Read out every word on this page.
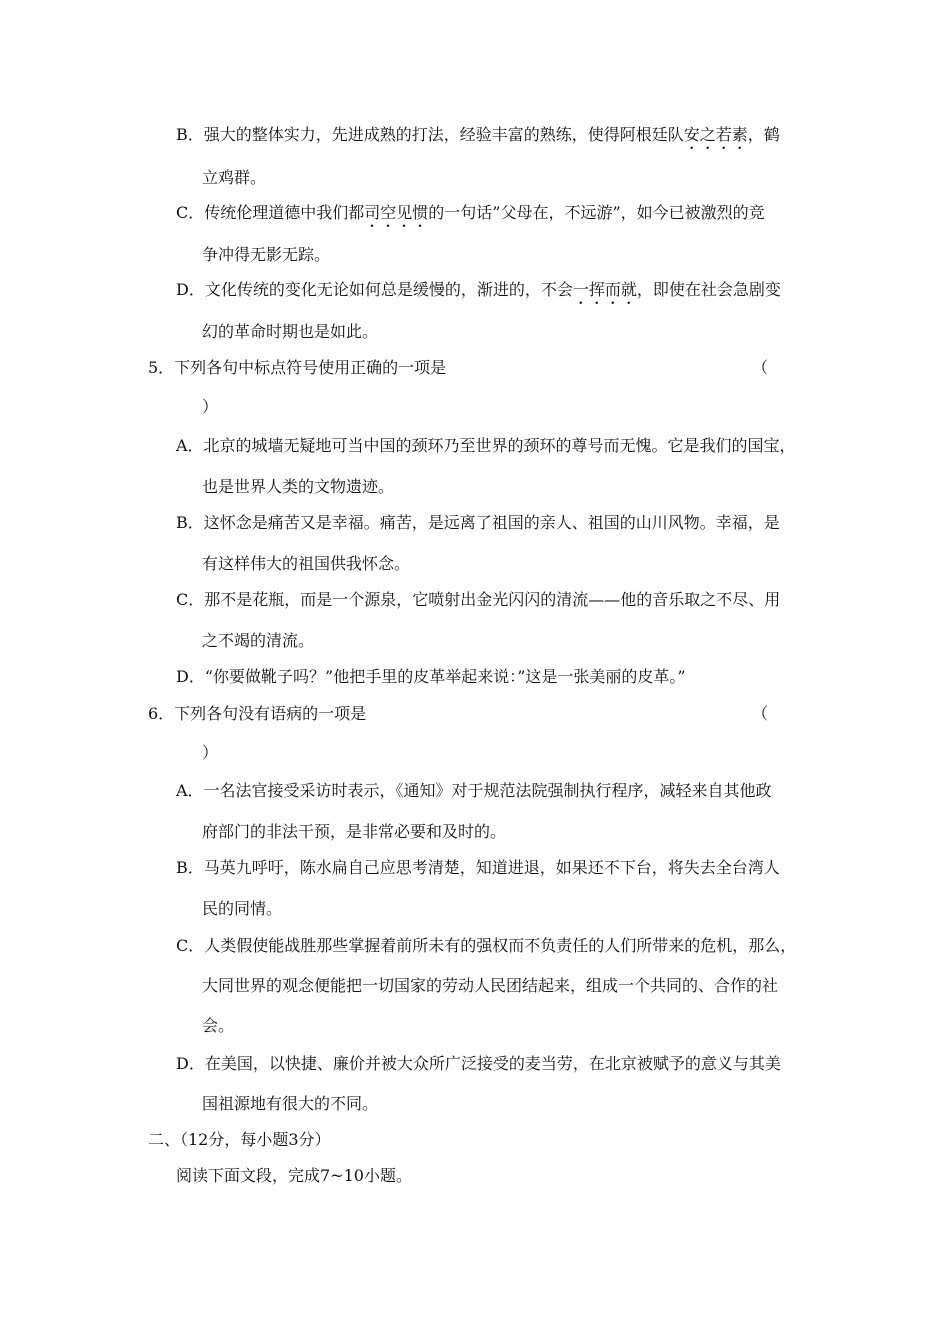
B．强大的整体实力，先进成熟的打法，经验丰富的熟练，使得阿根廷队安之若素，鹤
立鸡群。
C．传统伦理道德中我们都司空见惯的一句话”父母在，不远游”，如今已被激烈的竞
争冲得无影无踪。
D．文化传统的变化无论如何总是缓慢的，渐进的，不会一挥而就，即使在社会急剧变
幻的革命时期也是如此。
5．下列各句中标点符号使用正确的一项是	（
）
A．北京的城墙无疑地可当中国的颈环乃至世界的颈环的尊号而无愧。它是我们的国宝，
也是世界人类的文物遗迹。
B．这怀念是痛苦又是幸福。痛苦，是远离了祖国的亲人、祖国的山川风物。幸福，是
有这样伟大的祖国供我怀念。
C．那不是花瓶，而是一个源泉，它喷射出金光闪闪的清流——他的音乐取之不尽、用
之不竭的清流。
D．“你要做靴子吗？”他把手里的皮革举起来说：”这是一张美丽的皮革。”
6．下列各句没有语病的一项是	（
）
A．一名法官接受采访时表示，《通知》对于规范法院强制执行程序，减轻来自其他政
府部门的非法干预，是非常必要和及时的。
B．马英九呼吁，陈水扁自己应思考清楚，知道进退，如果还不下台，将失去全台湾人
民的同情。
C．人类假使能战胜那些掌握着前所未有的强权而不负责任的人们所带来的危机，那么，
大同世界的观念便能把一切国家的劳动人民团结起来，组成一个共同的、合作的社
会。
D．在美国，以快捷、廉价并被大众所广泛接受的麦当劳，在北京被赋予的意义与其美
国祖源地有很大的不同。
二、（12分，每小题3分）
阅读下面文段，完成7~10小题。
